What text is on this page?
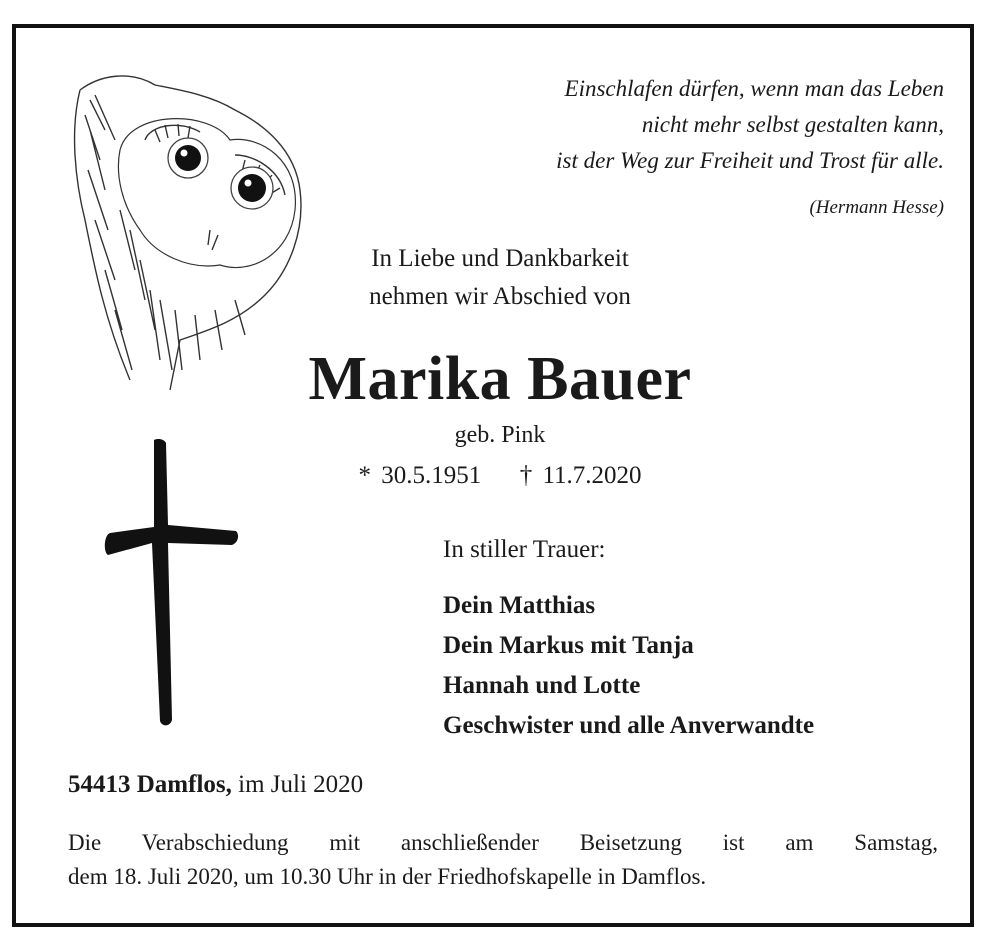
Einschlafen dürfen, wenn man das Leben
nicht mehr selbst gestalten kann,
ist der Weg zur Freiheit und Trost für alle.
(Hermann Hesse)
In Liebe und Dankbarkeit
nehmen wir Abschied von
Marika Bauer
geb. Pink
* 30.5.1951 † 11.7.2020
In stiller Trauer:
Dein Matthias
Dein Markus mit Tanja
Hannah und Lotte
Geschwister und alle Anverwandte
54413 Damflos, im Juli 2020
Die Verabschiedung mit anschließender Beisetzung ist am Samstag,
dem 18. Juli 2020, um 10.30 Uhr in der Friedhofskapelle in Damflos.
